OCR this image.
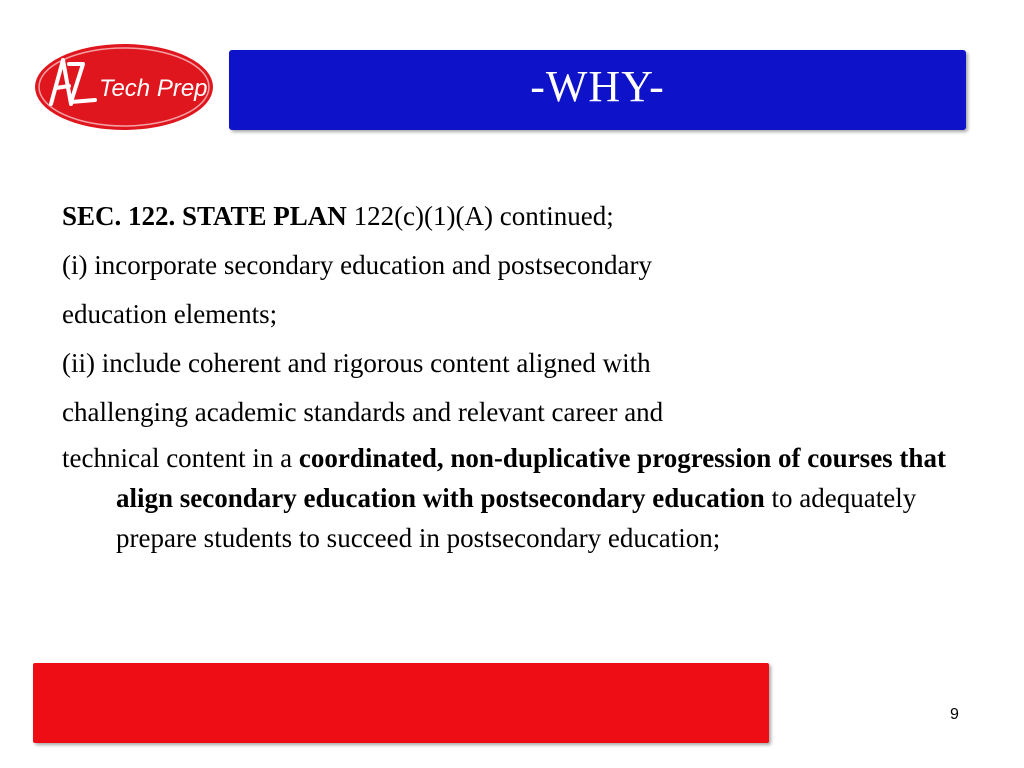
Tech Prep	-WHY-

SEC. 122. STATE PLAN 122(c)(1)(A) continued;

(i) incorporate secondary education and postsecondary

education elements;

(ii) include coherent and rigorous content aligned with

challenging academic standards and relevant career and

technical content in a coordinated, non-duplicative progression of courses that align secondary education with postsecondary education to adequately prepare students to succeed in postsecondary education;

9
